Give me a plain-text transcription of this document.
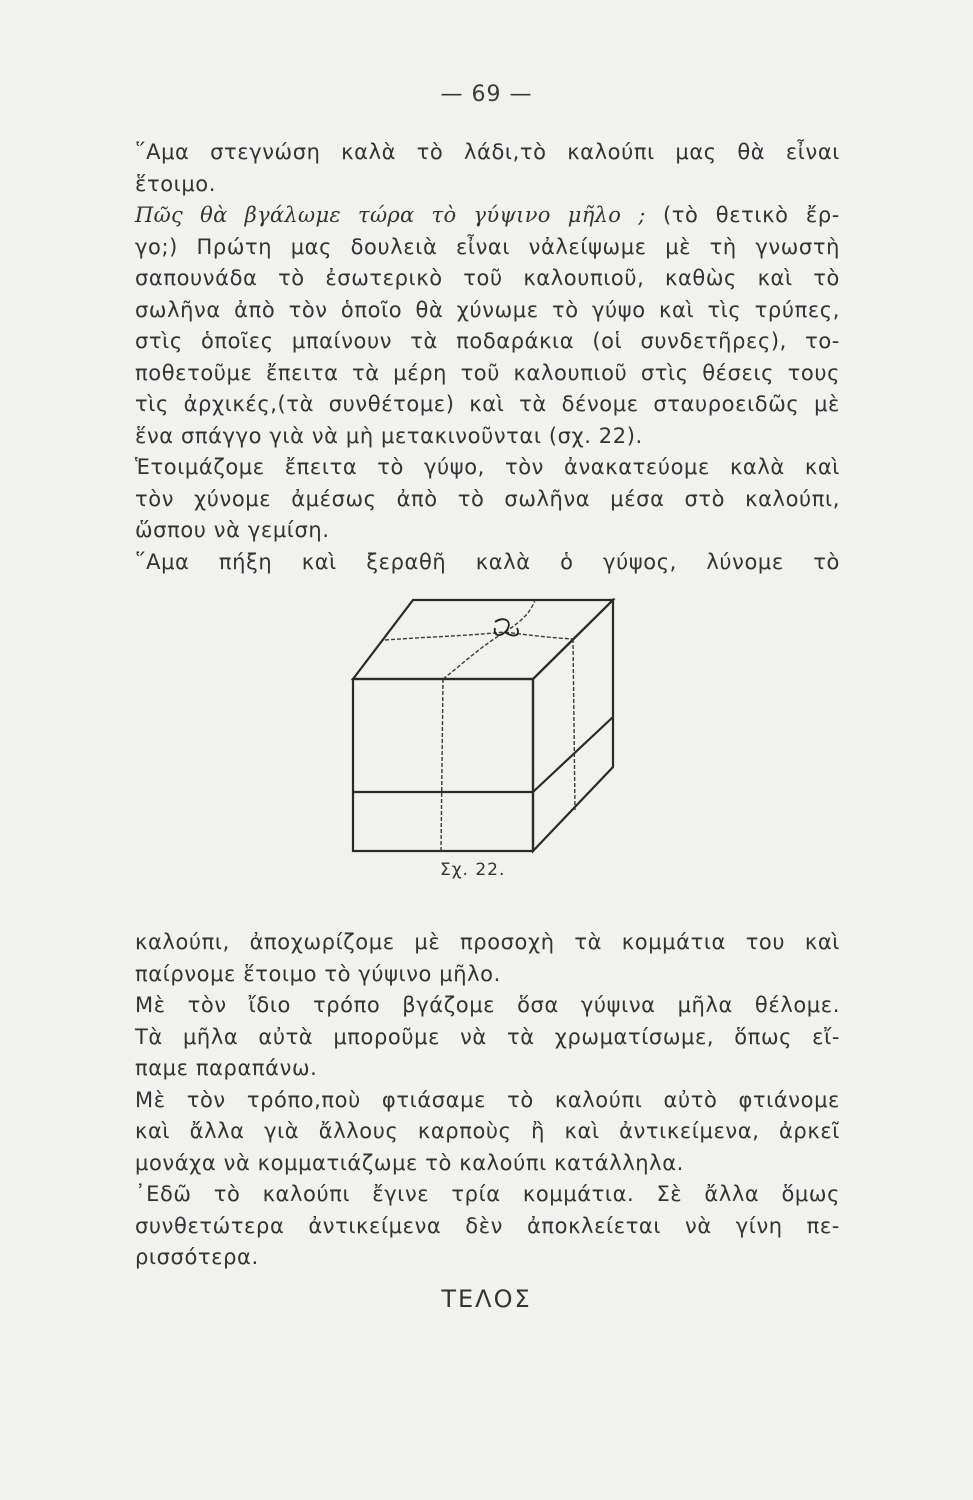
— 69 —
῞Αμα στεγνώση καλὰ τὸ λάδι,τὸ καλούπι μας θὰ εἶναι
ἕτοιμο.
Πῶς θὰ βγάλωμε τώρα τὸ γύψινο μῆλο ; (τὸ θετικὸ ἔρ-
γο;) Πρώτη μας δουλειὰ εἶναι νἀλείψωμε μὲ τὴ γνωστὴ
σαπουνάδα τὸ ἐσωτερικὸ τοῦ καλουπιοῦ, καθὼς καὶ τὸ
σωλῆνα ἀπὸ τὸν ὁποῖο θὰ χύνωμε τὸ γύψο καὶ τὶς τρύπες,
στὶς ὁποῖες μπαίνουν τὰ ποδαράκια (οἱ συνδετῆρες), το-
ποθετοῦμε ἔπειτα τὰ μέρη τοῦ καλουπιοῦ στὶς θέσεις τους
τὶς ἀρχικές,(τὰ συνθέτομε) καὶ τὰ δένομε σταυροειδῶς μὲ
ἕνα σπάγγο γιὰ νὰ μὴ μετακινοῦνται (σχ. 22).
Ἑτοιμάζομε ἔπειτα τὸ γύψο, τὸν ἀνακατεύομε καλὰ καὶ
τὸν χύνομε ἀμέσως ἀπὸ τὸ σωλῆνα μέσα στὸ καλούπι,
ὥσπου νὰ γεμίση.
῞Αμα πήξη καὶ ξεραθῆ καλὰ ὁ γύψος, λύνομε τὸ
Σχ. 22.
καλούπι, ἀποχωρίζομε μὲ προσοχὴ τὰ κομμάτια του καὶ
παίρνομε ἕτοιμο τὸ γύψινο μῆλο.
Μὲ τὸν ἴδιο τρόπο βγάζομε ὅσα γύψινα μῆλα θέλομε.
Τὰ μῆλα αὐτὰ μποροῦμε νὰ τὰ χρωματίσωμε, ὅπως εἴ-
παμε παραπάνω.
Μὲ τὸν τρόπο,ποὺ φτιάσαμε τὸ καλούπι αὐτὸ φτιάνομε
καὶ ἄλλα γιὰ ἄλλους καρποὺς ἢ καὶ ἀντικείμενα, ἀρκεῖ
μονάχα νὰ κομματιάζωμε τὸ καλούπι κατάλληλα.
᾿Εδῶ τὸ καλούπι ἔγινε τρία κομμάτια. Σὲ ἄλλα ὅμως
συνθετώτερα ἀντικείμενα δὲν ἀποκλείεται νὰ γίνη πε-
ρισσότερα.
ΤΕΛΟΣ
